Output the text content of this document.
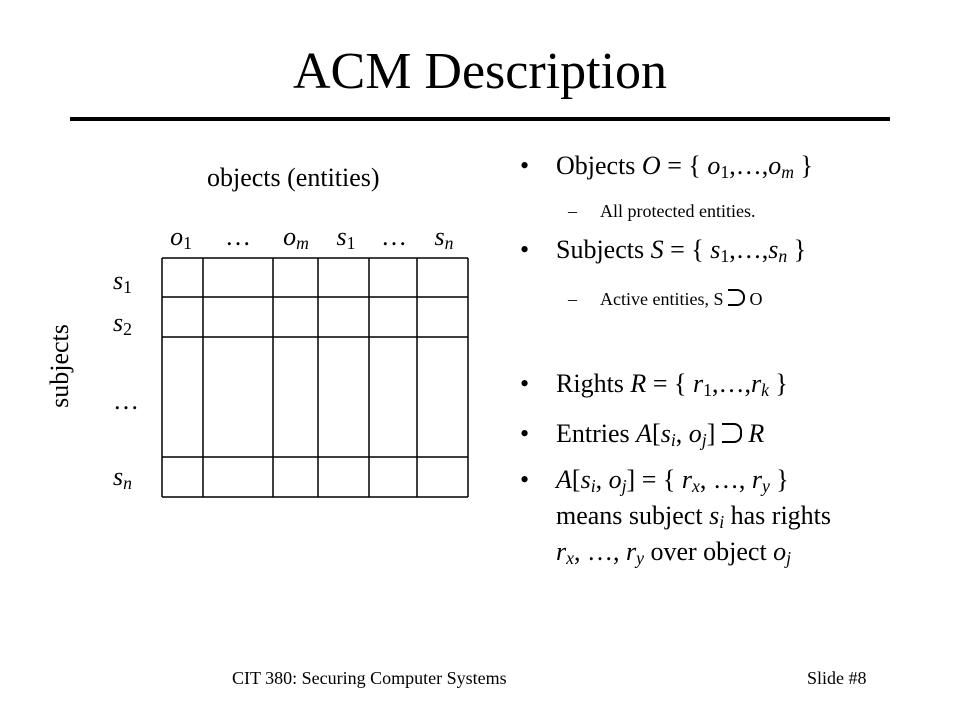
ACM Description
objects (entities)
subjects
$o_1$ … $o_m$ $s_1$ … $s_n$
$s_1$
$s_2$
…
$s_n$
• Objects O = { $o_1,\dots,o_m$ }
– All protected entities.
• Subjects S = { $s_1,\dots,s_n$ }
– Active entities, S  O
• Rights R = { $r_1,\dots,r_k$ }
• Entries $A[s_i$, $o_j$]  R
• $A[s_i$, $o_j$] = { $r_x$, …, $r_y$ }
means subject $s_i$ has rights
$r_x$, …, $r_y$ over object $o_j$
CIT 380: Securing Computer Systems	Slide #8
